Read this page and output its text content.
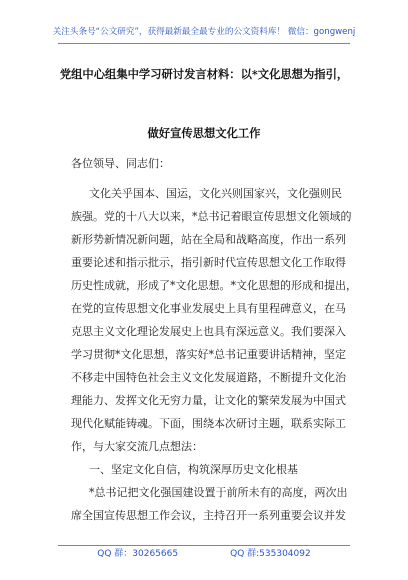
关注头条号“公文研究”，获得最新最全最专业的公文资料库！ 微信：gongwenj
党组中心组集中学习研讨发言材料：以*文化思想为指引，
做好宣传思想文化工作
各位领导、同志们：
文化关乎国本、国运，文化兴则国家兴，文化强则民
族强。党的十八大以来，*总书记着眼宣传思想文化领域的
新形势新情况新问题，站在全局和战略高度，作出一系列
重要论述和指示批示，指引新时代宣传思想文化工作取得
历史性成就，形成了*文化思想。*文化思想的形成和提出，
在党的宣传思想文化事业发展史上具有里程碑意义，在马
克思主义文化理论发展史上也具有深远意义。我们要深入
学习贯彻*文化思想，落实好*总书记重要讲话精神，坚定
不移走中国特色社会主义文化发展道路，不断提升文化治
理能力、发挥文化无穷力量，让文化的繁荣发展为中国式
现代化赋能铸魂。下面，围绕本次研讨主题，联系实际工
作，与大家交流几点想法：
一、坚定文化自信，构筑深厚历史文化根基
*总书记把文化强国建设置于前所未有的高度，两次出
席全国宣传思想工作会议，主持召开一系列重要会议并发
QQ 群：30265665	QQ 群:535304092
